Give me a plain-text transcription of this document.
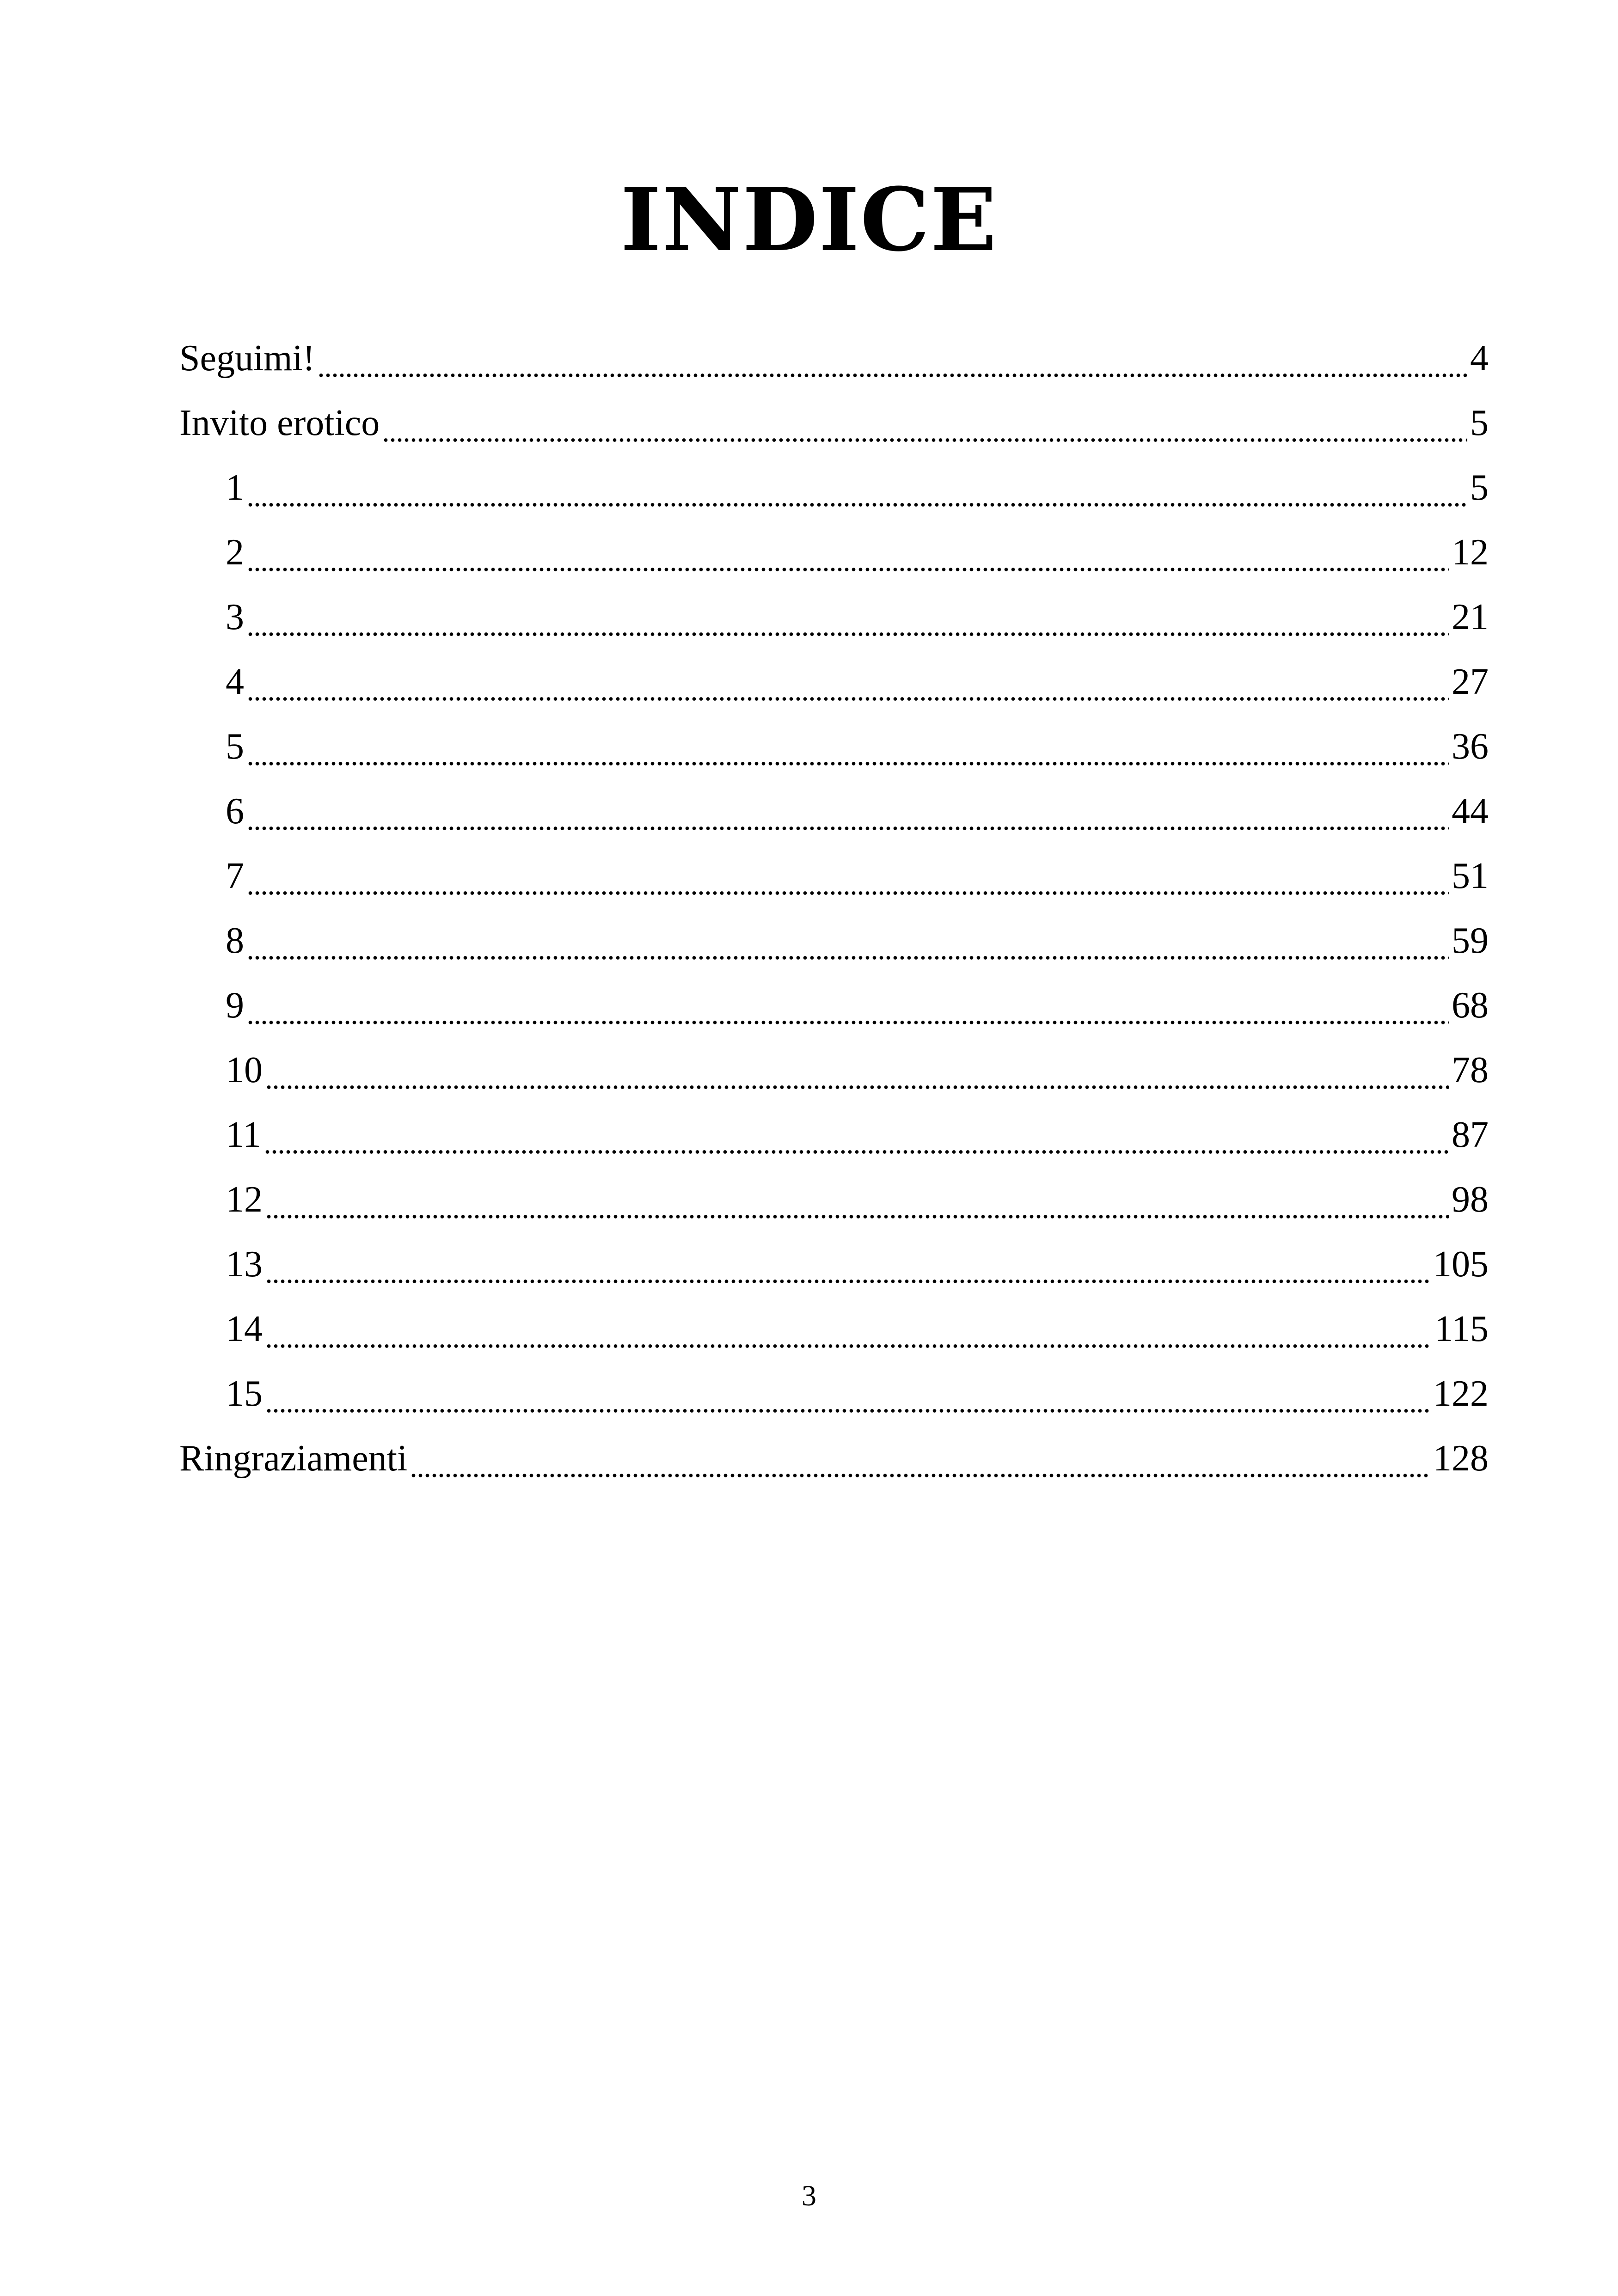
INDICE
Seguimi!	4
Invito erotico	5
1	5
2	12
3	21
4	27
5	36
6	44
7	51
8	59
9	68
10	78
11	87
12	98
13	105
14	115
15	122
Ringraziamenti	128
3
